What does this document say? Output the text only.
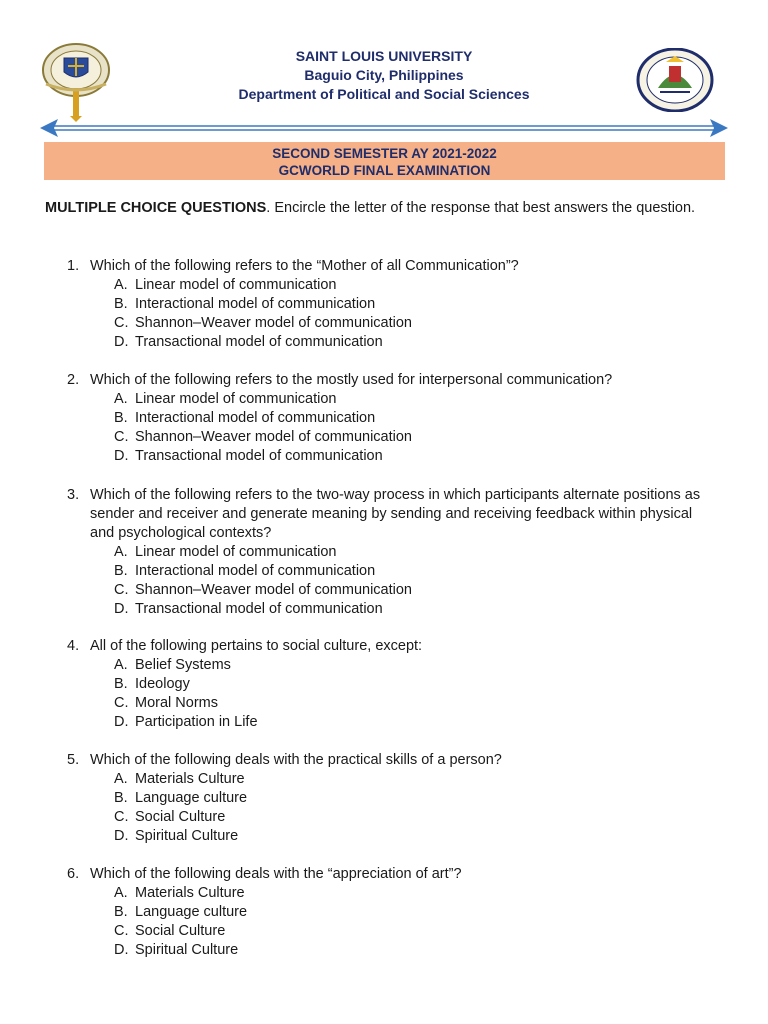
SAINT LOUIS UNIVERSITY
Baguio City, Philippines
Department of Political and Social Sciences
SECOND SEMESTER AY 2021-2022
GCWORLD FINAL EXAMINATION
MULTIPLE CHOICE QUESTIONS. Encircle the letter of the response that best answers the question.
1. Which of the following refers to the “Mother of all Communication”?
A. Linear model of communication
B. Interactional model of communication
C. Shannon–Weaver model of communication
D. Transactional model of communication
2. Which of the following refers to the mostly used for interpersonal communication?
A. Linear model of communication
B. Interactional model of communication
C. Shannon–Weaver model of communication
D. Transactional model of communication
3. Which of the following refers to the two-way process in which participants alternate positions as sender and receiver and generate meaning by sending and receiving feedback within physical and psychological contexts?
A. Linear model of communication
B. Interactional model of communication
C. Shannon–Weaver model of communication
D. Transactional model of communication
4. All of the following pertains to social culture, except:
A. Belief Systems
B. Ideology
C. Moral Norms
D. Participation in Life
5. Which of the following deals with the practical skills of a person?
A. Materials Culture
B. Language culture
C. Social Culture
D. Spiritual Culture
6. Which of the following deals with the “appreciation of art”?
A. Materials Culture
B. Language culture
C. Social Culture
D. Spiritual Culture
